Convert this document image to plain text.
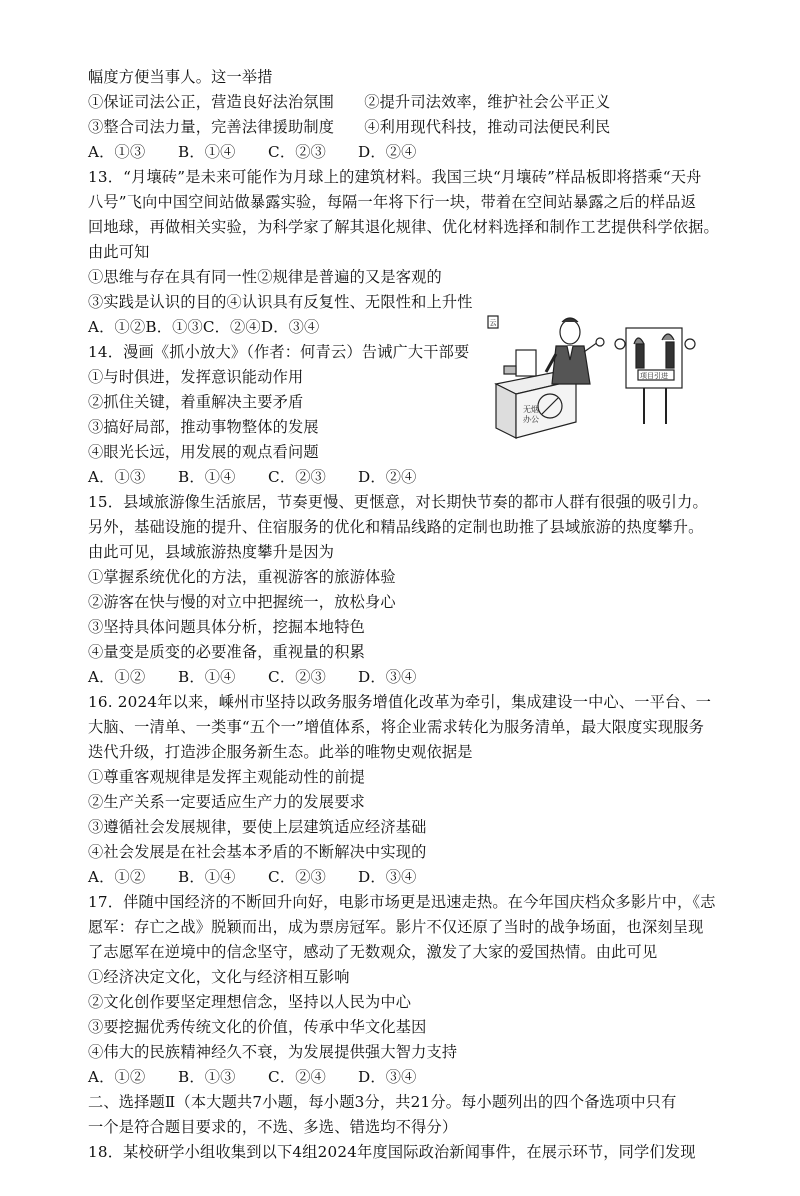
幅度方便当事人。这一举措
①保证司法公正，营造良好法治氛围 ②提升司法效率，维护社会公平正义
③整合司法力量，完善法律援助制度 ④利用现代科技，推动司法便民利民
A．①③ B．①④ C．②③ D．②④
13．“月壤砖”是未来可能作为月球上的建筑材料。我国三块“月壤砖”样品板即将搭乘“天舟
八号”飞向中国空间站做暴露实验，每隔一年将下行一块，带着在空间站暴露之后的样品返
回地球，再做相关实验，为科学家了解其退化规律、优化材料选择和制作工艺提供科学依据。
由此可知
①思维与存在具有同一性②规律是普遍的又是客观的
③实践是认识的目的④认识具有反复性、无限性和上升性
A．①②B．①③C．②④D．③④
14．漫画《抓小放大》（作者：何青云）告诫广大干部要
①与时俱进，发挥意识能动作用
②抓住关键，着重解决主要矛盾
③搞好局部，推动事物整体的发展
④眼光长远，用发展的观点看问题
A．①③ B．①④ C．②③ D．②④
云
无烟
办公
项目引进
15．县域旅游像生活旅居，节奏更慢、更惬意，对长期快节奏的都市人群有很强的吸引力。
另外，基础设施的提升、住宿服务的优化和精品线路的定制也助推了县域旅游的热度攀升。
由此可见，县域旅游热度攀升是因为
①掌握系统优化的方法，重视游客的旅游体验
②游客在快与慢的对立中把握统一，放松身心
③坚持具体问题具体分析，挖掘本地特色
④量变是质变的必要准备，重视量的积累
A．①② B．①④ C．②③ D．③④
16. 2024年以来，嵊州市坚持以政务服务增值化改革为牵引，集成建设一中心、一平台、一
大脑、一清单、一类事“五个一”增值体系，将企业需求转化为服务清单，最大限度实现服务
迭代升级，打造涉企服务新生态。此举的唯物史观依据是
①尊重客观规律是发挥主观能动性的前提
②生产关系一定要适应生产力的发展要求
③遵循社会发展规律，要使上层建筑适应经济基础
④社会发展是在社会基本矛盾的不断解决中实现的
A．①② B．①④ C．②③ D．③④
17．伴随中国经济的不断回升向好，电影市场更是迅速走热。在今年国庆档众多影片中，《志
愿军：存亡之战》脱颖而出，成为票房冠军。影片不仅还原了当时的战争场面，也深刻呈现
了志愿军在逆境中的信念坚守，感动了无数观众，激发了大家的爱国热情。由此可见
①经济决定文化，文化与经济相互影响
②文化创作要坚定理想信念，坚持以人民为中心
③要挖掘优秀传统文化的价值，传承中华文化基因
④伟大的民族精神经久不衰，为发展提供强大智力支持
A．①② B．①③ C．②④ D．③④
二、选择题Ⅱ（本大题共7小题，每小题3分，共21分。每小题列出的四个备选项中只有
一个是符合题目要求的，不选、多选、错选均不得分）
18．某校研学小组收集到以下4组2024年度国际政治新闻事件，在展示环节，同学们发现
